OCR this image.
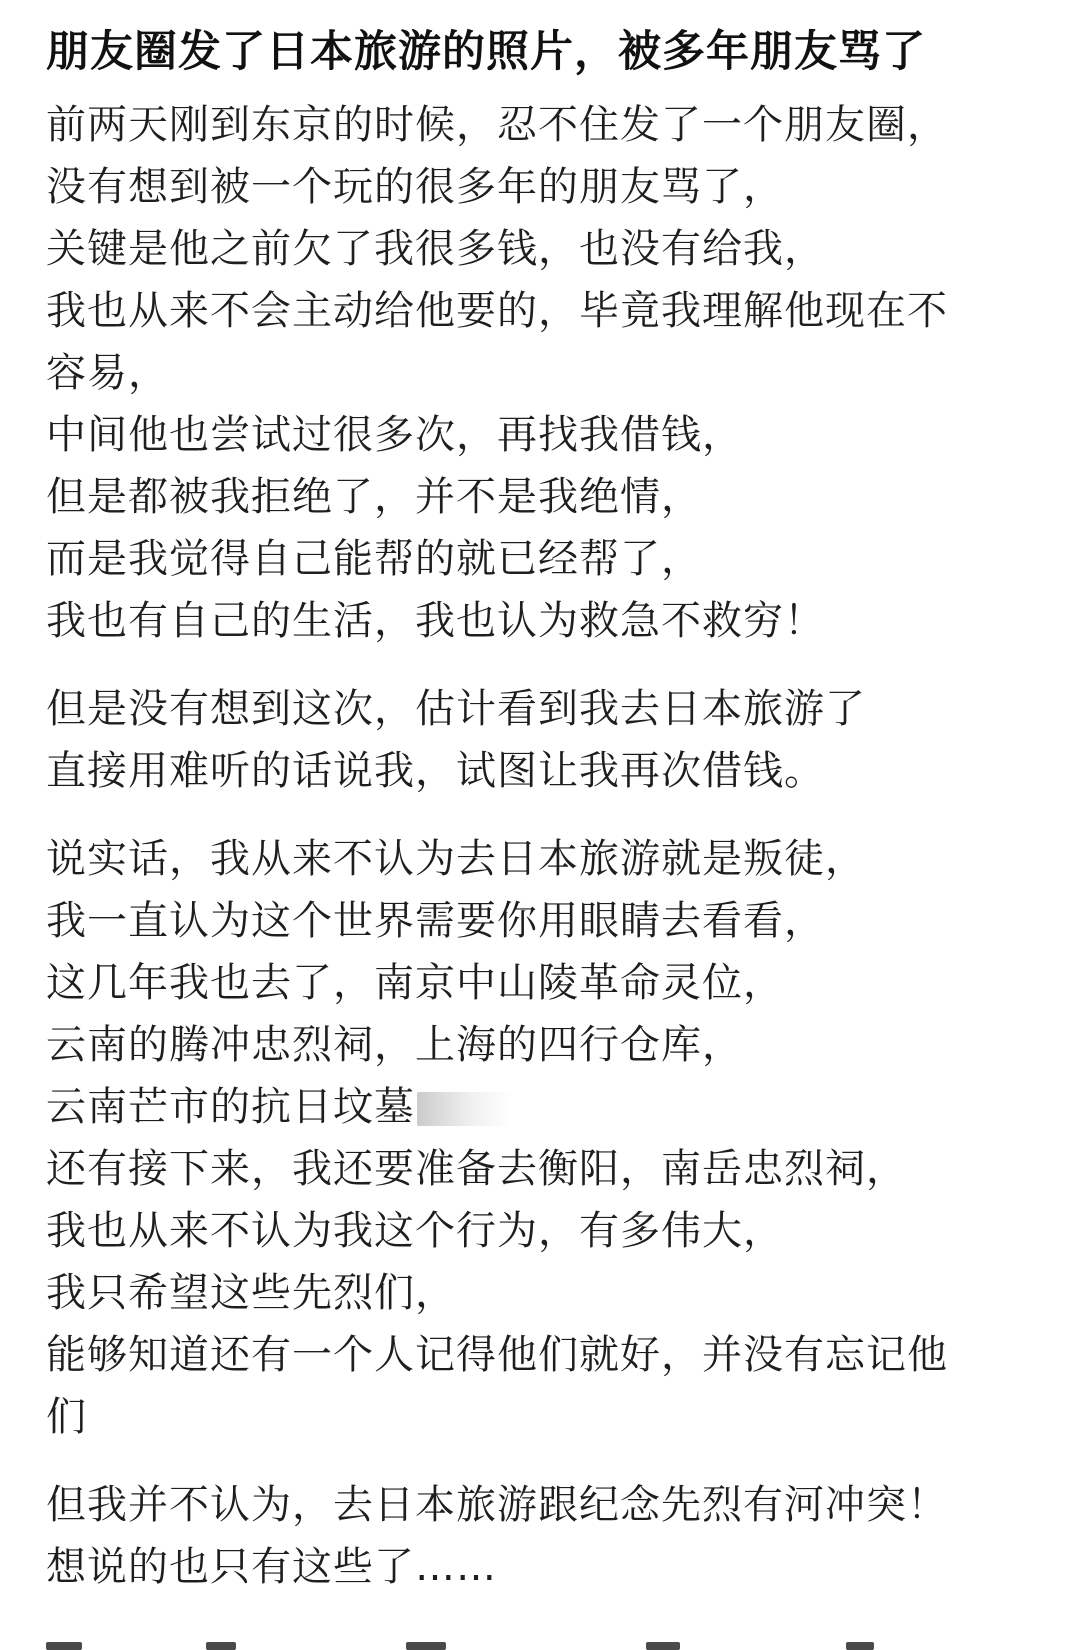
朋友圈发了日本旅游的照片，被多年朋友骂了
前两天刚到东京的时候，忍不住发了一个朋友圈，
没有想到被一个玩的很多年的朋友骂了，
关键是他之前欠了我很多钱，也没有给我，
我也从来不会主动给他要的，毕竟我理解他现在不
容易，
中间他也尝试过很多次，再找我借钱，
但是都被我拒绝了，并不是我绝情，
而是我觉得自己能帮的就已经帮了，
我也有自己的生活，我也认为救急不救穷！
但是没有想到这次，估计看到我去日本旅游了
直接用难听的话说我，试图让我再次借钱。
说实话，我从来不认为去日本旅游就是叛徒，
我一直认为这个世界需要你用眼睛去看看，
这几年我也去了，南京中山陵革命灵位，
云南的腾冲忠烈祠，上海的四行仓库，
云南芒市的抗日坟墓
还有接下来，我还要准备去衡阳，南岳忠烈祠，
我也从来不认为我这个行为，有多伟大，
我只希望这些先烈们，
能够知道还有一个人记得他们就好，并没有忘记他
们
但我并不认为，去日本旅游跟纪念先烈有河冲突！
想说的也只有这些了……
